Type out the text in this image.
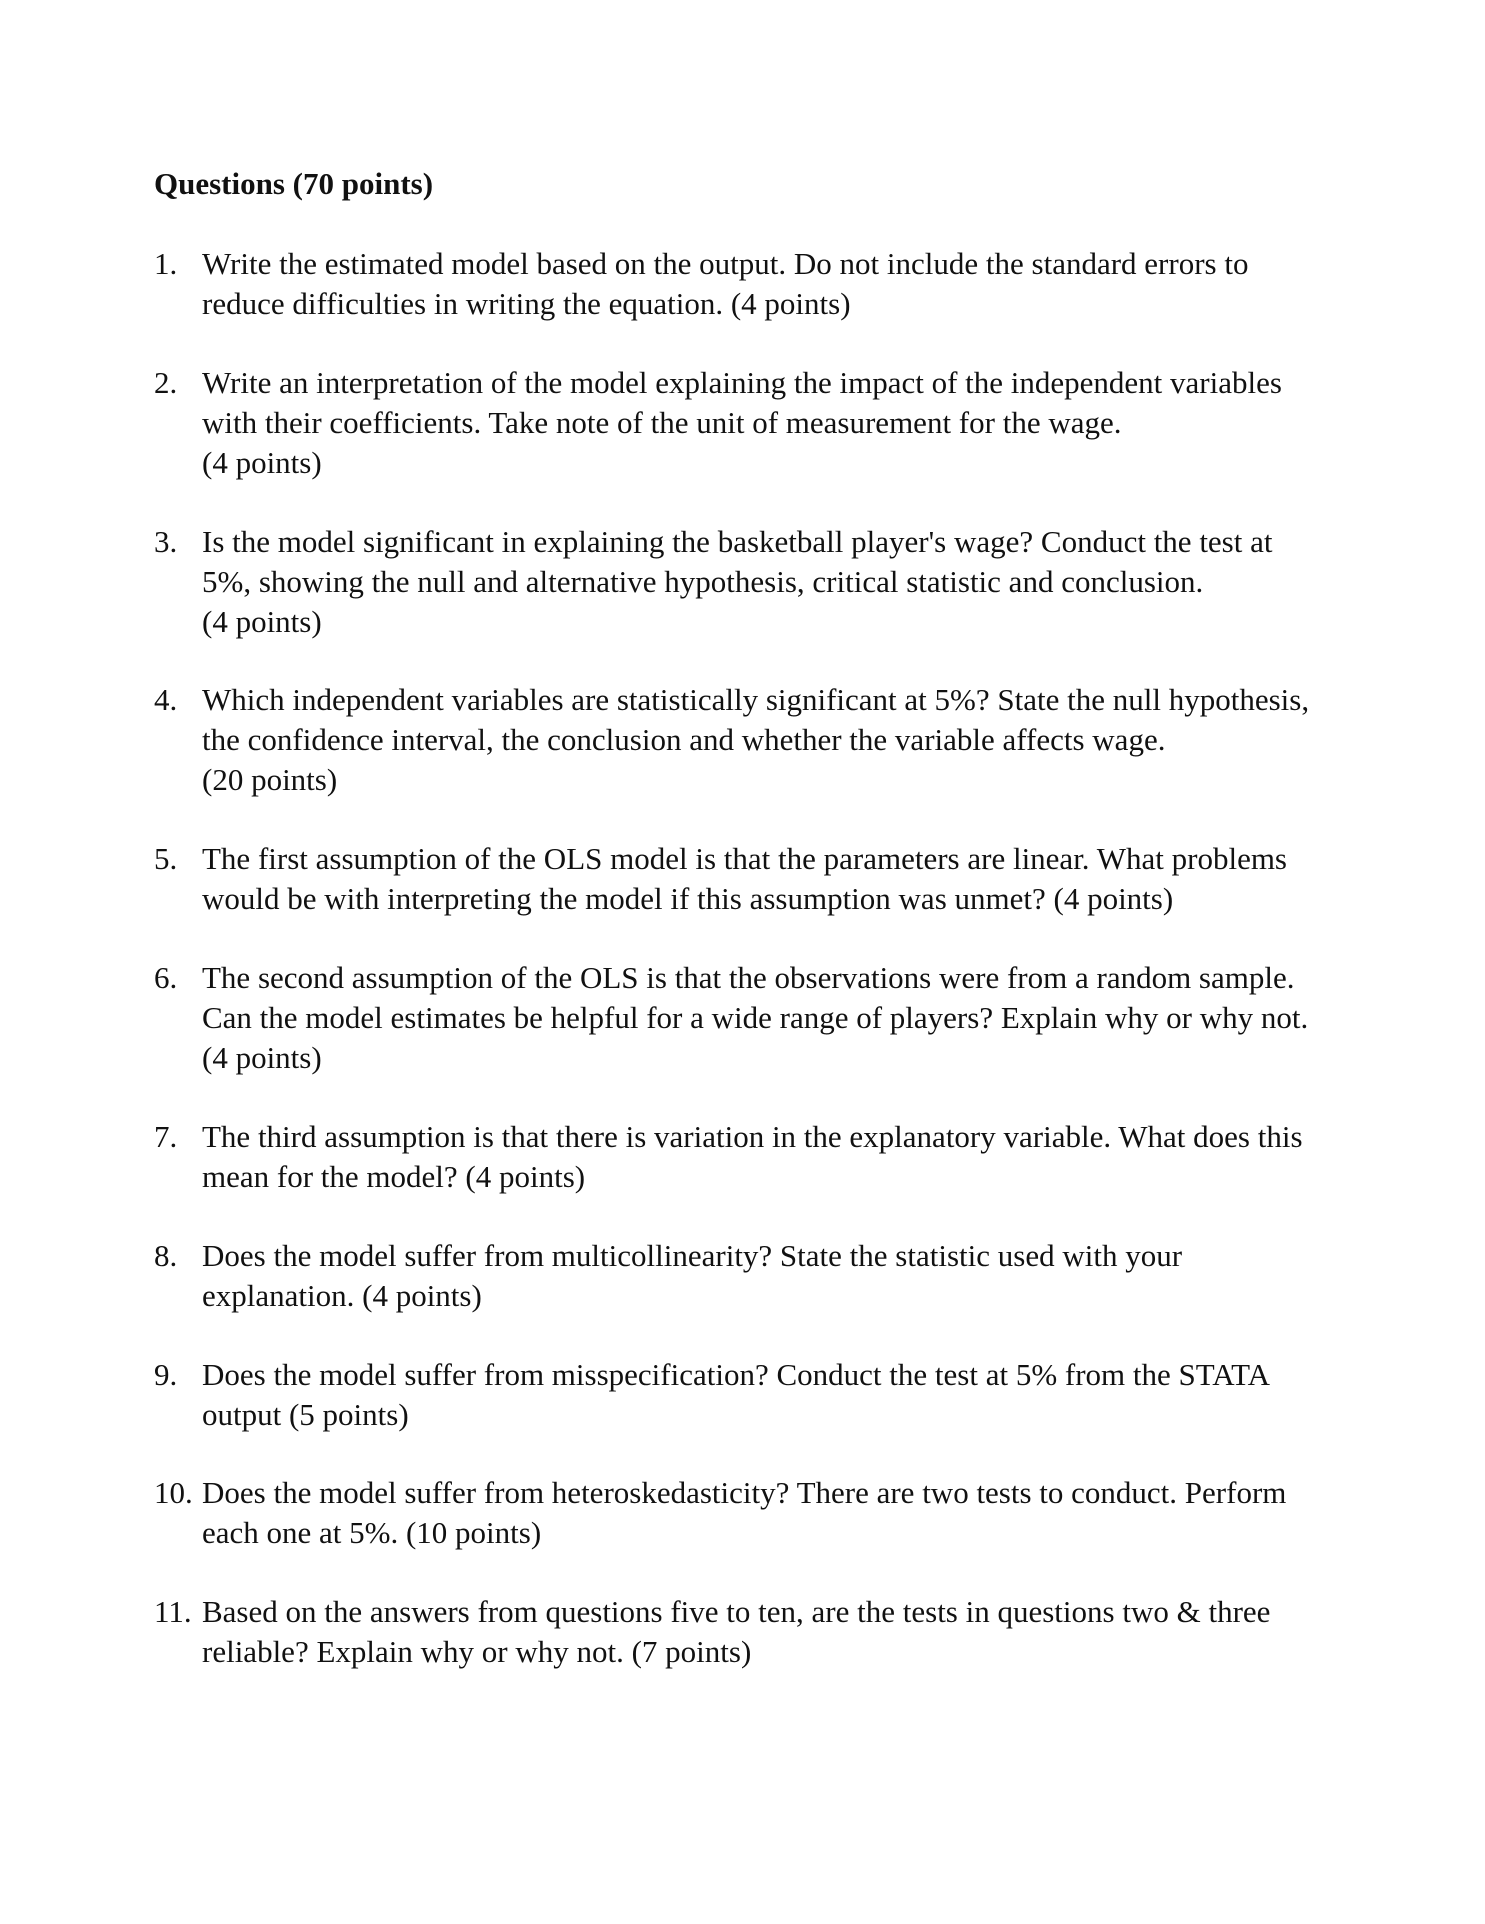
Questions (70 points)
1. Write the estimated model based on the output. Do not include the standard errors to
reduce difficulties in writing the equation. (4 points)
2. Write an interpretation of the model explaining the impact of the independent variables
with their coefficients. Take note of the unit of measurement for the wage.
(4 points)
3. Is the model significant in explaining the basketball player's wage? Conduct the test at
5%, showing the null and alternative hypothesis, critical statistic and conclusion.
(4 points)
4. Which independent variables are statistically significant at 5%? State the null hypothesis,
the confidence interval, the conclusion and whether the variable affects wage.
(20 points)
5. The first assumption of the OLS model is that the parameters are linear. What problems
would be with interpreting the model if this assumption was unmet? (4 points)
6. The second assumption of the OLS is that the observations were from a random sample.
Can the model estimates be helpful for a wide range of players? Explain why or why not.
(4 points)
7. The third assumption is that there is variation in the explanatory variable. What does this
mean for the model? (4 points)
8. Does the model suffer from multicollinearity? State the statistic used with your
explanation. (4 points)
9. Does the model suffer from misspecification? Conduct the test at 5% from the STATA
output (5 points)
10. Does the model suffer from heteroskedasticity? There are two tests to conduct. Perform
each one at 5%. (10 points)
11. Based on the answers from questions five to ten, are the tests in questions two & three
reliable? Explain why or why not. (7 points)
